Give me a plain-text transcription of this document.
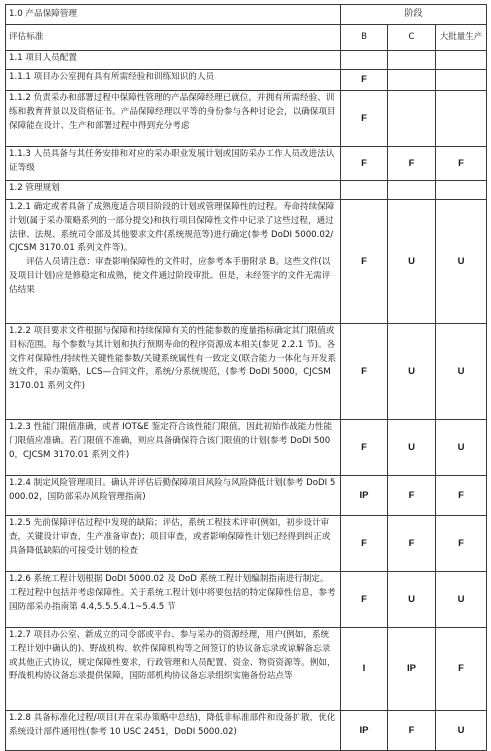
1.0 产品保障管理	阶段		
评估标准	B	C	大批量生产
1.1 项目人员配置			
1.1.1 项目办公室拥有具有所需经验和训练知识的人员	F		
1.1.2 负责采办和部署过程中保障性管理的产品保障经理已就位，并拥有所需经验、训练和教育背景以及资格证书。产品保障经理以平等的身份参与各种讨论会，以确保项目保障能在设计、生产和部署过程中得到充分考虑	F		
1.1.3 人员具备与其任务安排和对应的采办职业发展计划或国防采办工作人员改进法认证等级	F	F	F
1.2 管理规划			

1.2.1 确定或者具备了成熟度适合项目阶段的计划或管理保障性的过程。寿命持续保障计划(属于采办策略系列的一部分提交)和执行项目保障性文件中记录了这些过程，通过法律、法规、系统司令部及其他要求文件(系统规范等)进行确定(参考 DoDI 5000.02/CJCSM 3170.01 系列文件等)。
评估人员请注意：审查影响保障性的文件时，应参考本手册附录 B。这些文件(以及项目计划)应是修稳定和成熟，使文件通过阶段审批。但是，未经签字的文件无需评估结果	F	U	U
1.2.2 项目要求文件根据与保障和持续保障有关的性能参数的度量指标确定其门限值或目标范围。每个参数与其计划和执行预期寿命的程序资源成本相关(参见 2.2.1 节)。各文件对保障性/持续性关键性能参数/关键系统属性有一致定义(联合能力一体化与开发系统文件，采办策略，LCS—合同文件，系统/分系统规范，(参考 DoDI 5000，CJCSM 3170.01 系列文件)	F	U	U
1.2.3 性能门限值准确，或者 IOT&E 鉴定符合该性能门限值，因此初始作战能力性能门限值应准确。若门限值不准确，则应具备确保符合该门限值的计划(参考 DoDI 5000，CJCSM 3170.01 系列文件)	F	U	U
1.2.4 制定风险管理项目。确认并评估后勤保障项目风险与风险降低计划(参考 DoDI 5000.02，国防部采办风险管理指南)	IP	F	F
1.2.5 先前保障评估过程中发现的缺陷；评估，系统工程技术评审(例如，初步设计审查，关键设计审查，生产准备审查)；项目审查，或者影响保障性计划已经得到纠正或具备降低缺陷的可接受计划的检查	F	F	F
1.2.6 系统工程计划根据 DoDI 5000.02 及 DoD 系统工程计划编制指南进行制定。工程过程中包括并考虑保障性。关于系统工程计划中将要包括的特定保障性信息，参考国防部采办指南第 4.4,5.5.5.4.1~5.4.5 节	F	U	U
1.2.7 项目办公室、新成立的司令部或平台、参与采办的资源经理，用户(例如，系统工程计划中确认的)、野战机构、软件保障机构等之间签订的协议备忘录或谅解备忘录或其他正式协议，规定保障性要求，行政管理和人员配置、资金、物资资源等。例如，野战机构协议备忘录提供保障，国防部机构协议备忘录组织实施备份站点等	I	IP	F
1.2.8 具备标准化过程/项目(并在采办策略中总结)，降低非标准部件和设备扩散，优化系统设计部件通用性(参考 10 USC 2451，DoDI 5000.02)	IP	F	U
